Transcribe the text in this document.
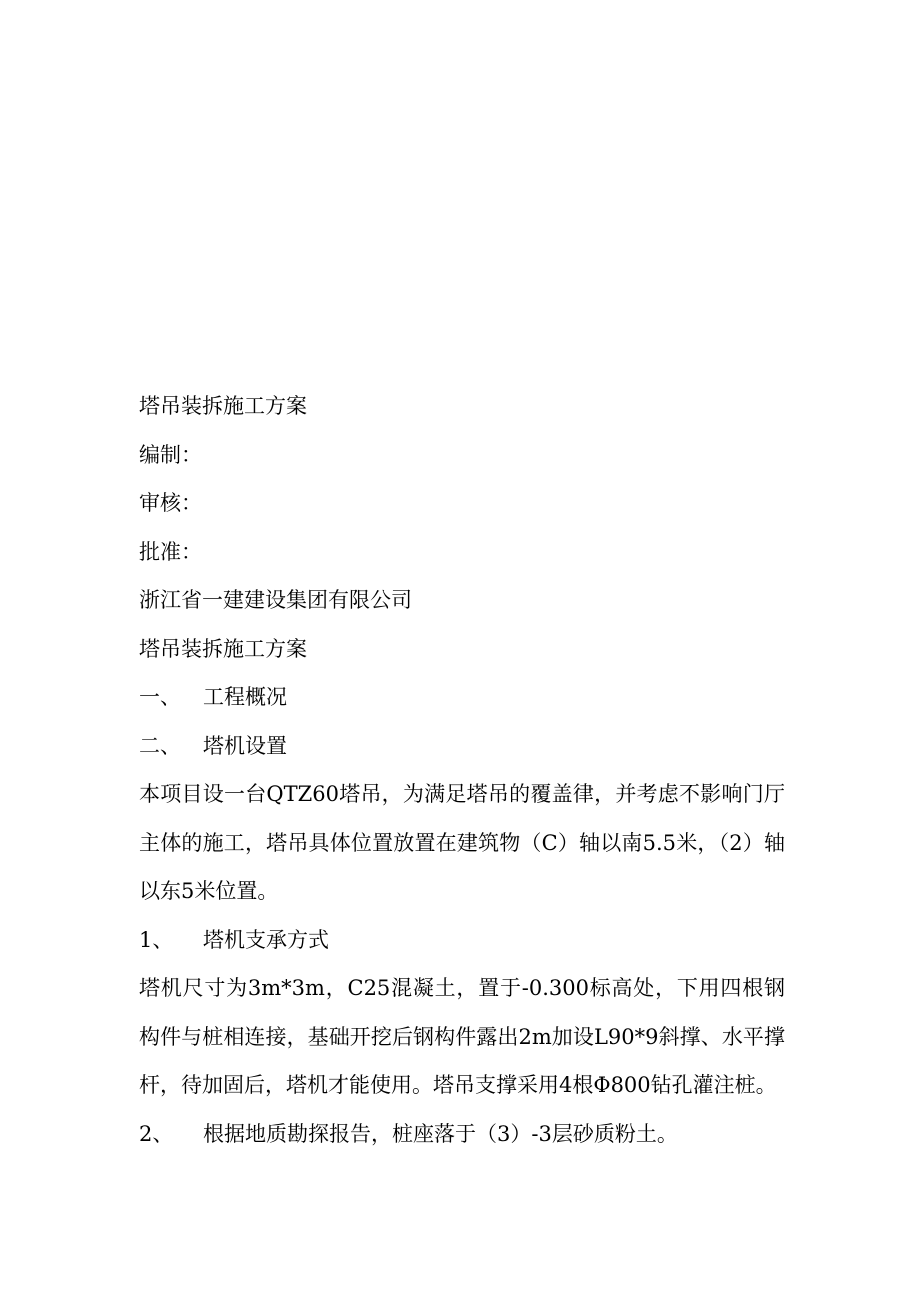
塔吊装拆施工方案
编制：
审核：
批准：
浙江省一建建设集团有限公司
塔吊装拆施工方案
一、 工程概况
二、 塔机设置
本项目设一台QTZ60塔吊，为满足塔吊的覆盖律，并考虑不影响门厅主体的施工，塔吊具体位置放置在建筑物（C）轴以南5.5米，（2）轴以东5米位置。
1、 塔机支承方式
塔机尺寸为3m*3m，C25混凝土，置于-0.300标高处，下用四根钢构件与桩相连接，基础开挖后钢构件露出2m加设L90*9斜撑、水平撑杆，待加固后，塔机才能使用。塔吊支撑采用4根Φ800钻孔灌注桩。
2、 根据地质勘探报告，桩座落于（3）-3层砂质粉土。
